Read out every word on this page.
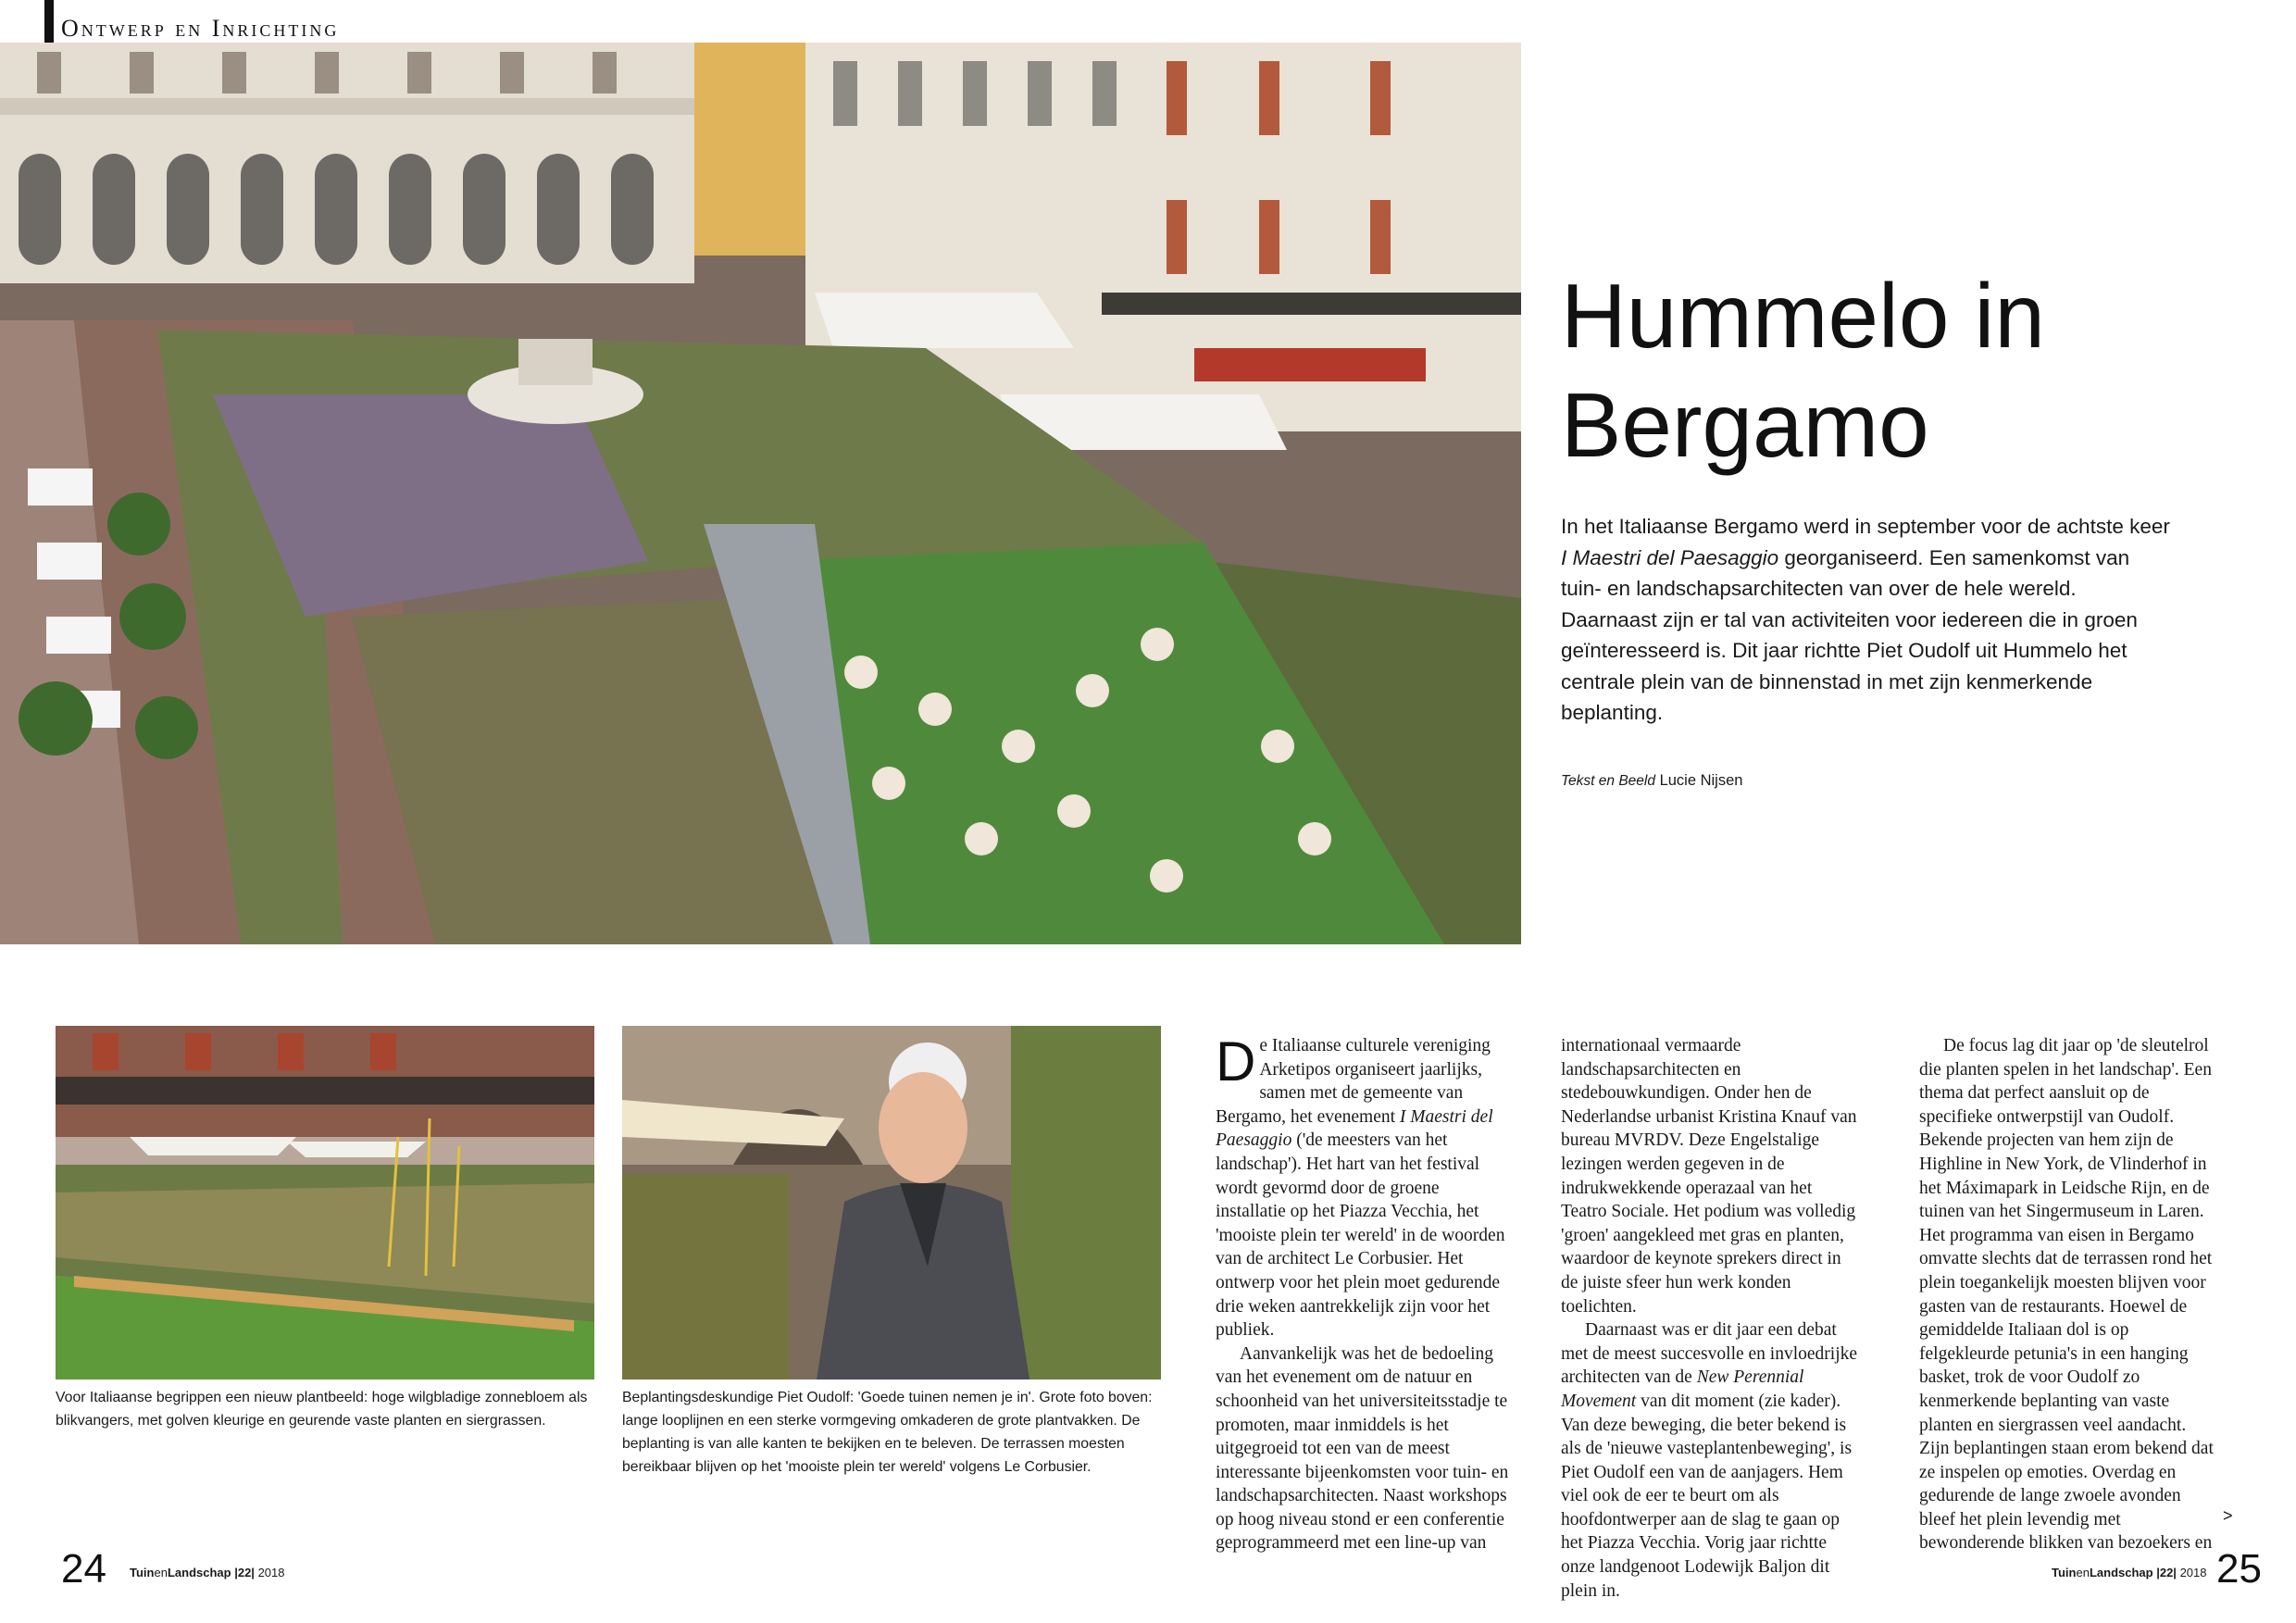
Ontwerp en Inrichting
Hummelo in Bergamo

In het Italiaanse Bergamo werd in september voor de achtste keer I Maestri del Paesaggio georganiseerd. Een samenkomst van tuin- en landschapsarchitecten van over de hele wereld. Daarnaast zijn er tal van activiteiten voor iedereen die in groen geïnteresseerd is. Dit jaar richtte Piet Oudolf uit Hummelo het centrale plein van de binnenstad in met zijn kenmerkende beplanting.

Tekst en Beeld Lucie Nijsen

Voor Italiaanse begrippen een nieuw plantbeeld: hoge wilgbladige zonnebloem als blikvangers, met golven kleurige en geurende vaste planten en siergrassen.

Beplantingsdeskundige Piet Oudolf: 'Goede tuinen nemen je in'. Grote foto boven: lange looplijnen en een sterke vormgeving omkaderen de grote plantvakken. De beplanting is van alle kanten te bekijken en te beleven. De terrassen moesten bereikbaar blijven op het 'mooiste plein ter wereld' volgens Le Corbusier.

De Italiaanse culturele vereniging Arketipos organiseert jaarlijks, samen met de gemeente van Bergamo, het evenement I Maestri del Paesaggio ('de meesters van het landschap'). Het hart van het festival wordt gevormd door de groene installatie op het Piazza Vecchia, het 'mooiste plein ter wereld' in de woorden van de architect Le Corbusier. Het ontwerp voor het plein moet gedurende drie weken aantrekkelijk zijn voor het publiek.

Aanvankelijk was het de bedoeling van het evenement om de natuur en schoonheid van het universiteitsstadje te promoten, maar inmiddels is het uitgegroeid tot een van de meest interessante bijeenkomsten voor tuin- en landschapsarchitecten. Naast workshops op hoog niveau stond er een conferentie geprogrammeerd met een line-up van

internationaal vermaarde landschapsarchitecten en stedebouwkundigen. Onder hen de Nederlandse urbanist Kristina Knauf van bureau MVRDV. Deze Engelstalige lezingen werden gegeven in de indrukwekkende operazaal van het Teatro Sociale. Het podium was volledig 'groen' aangekleed met gras en planten, waardoor de keynote sprekers direct in de juiste sfeer hun werk konden toelichten.

Daarnaast was er dit jaar een debat met de meest succesvolle en invloedrijke architecten van de New Perennial Movement van dit moment (zie kader). Van deze beweging, die beter bekend is als de 'nieuwe vasteplantenbeweging', is Piet Oudolf een van de aanjagers. Hem viel ook de eer te beurt om als hoofdontwerper aan de slag te gaan op het Piazza Vecchia. Vorig jaar richtte onze landgenoot Lodewijk Baljon dit plein in.

De focus lag dit jaar op 'de sleutelrol die planten spelen in het landschap'. Een thema dat perfect aansluit op de specifieke ontwerpstijl van Oudolf. Bekende projecten van hem zijn de Highline in New York, de Vlinderhof in het Máximapark in Leidsche Rijn, en de tuinen van het Singermuseum in Laren. Het programma van eisen in Bergamo omvatte slechts dat de terrassen rond het plein toegankelijk moesten blijven voor gasten van de restaurants. Hoewel de gemiddelde Italiaan dol is op felgekleurde petunia's in een hanging basket, trok de voor Oudolf zo kenmerkende beplanting van vaste planten en siergrassen veel aandacht. Zijn beplantingen staan erom bekend dat ze inspelen op emoties. Overdag en gedurende de lange zwoele avonden bleef het plein levendig met bewonderende blikken van bezoekers en

>
24 TuinenLandschap |22| 2018	TuinenLandschap |22| 2018 25
